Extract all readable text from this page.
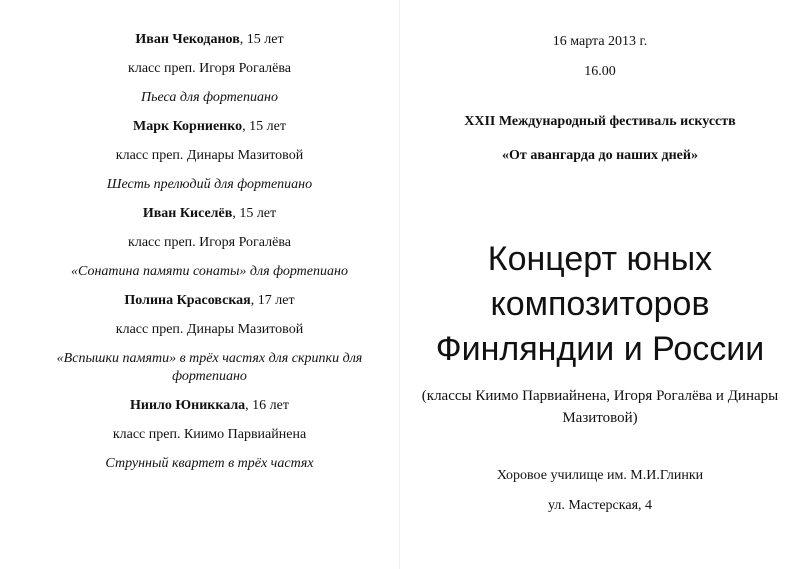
Иван Чекоданов, 15 лет
класс преп. Игоря Рогалёва
Пьеса для фортепиано
Марк Корниенко, 15 лет
класс преп. Динары Мазитовой
Шесть прелюдий для фортепиано
Иван Киселёв, 15 лет
класс преп. Игоря Рогалёва
«Сонатина памяти сонаты» для фортепиано
Полина Красовская, 17 лет
класс преп. Динары Мазитовой
«Вспышки памяти» в трёх частях для скрипки для фортепиано
Ниило Юниккала, 16 лет
класс преп. Киимо Парвиайнена
Струнный квартет в трёх частях
16 марта 2013 г.
16.00
XXII Международный фестиваль искусств
«От авангарда до наших дней»
Концерт юных
композиторов
Финляндии и России
(классы Киимо Парвиайнена, Игоря Рогалёва и Динары Мазитовой)
Хоровое училище им. М.И.Глинки
ул. Мастерская, 4
